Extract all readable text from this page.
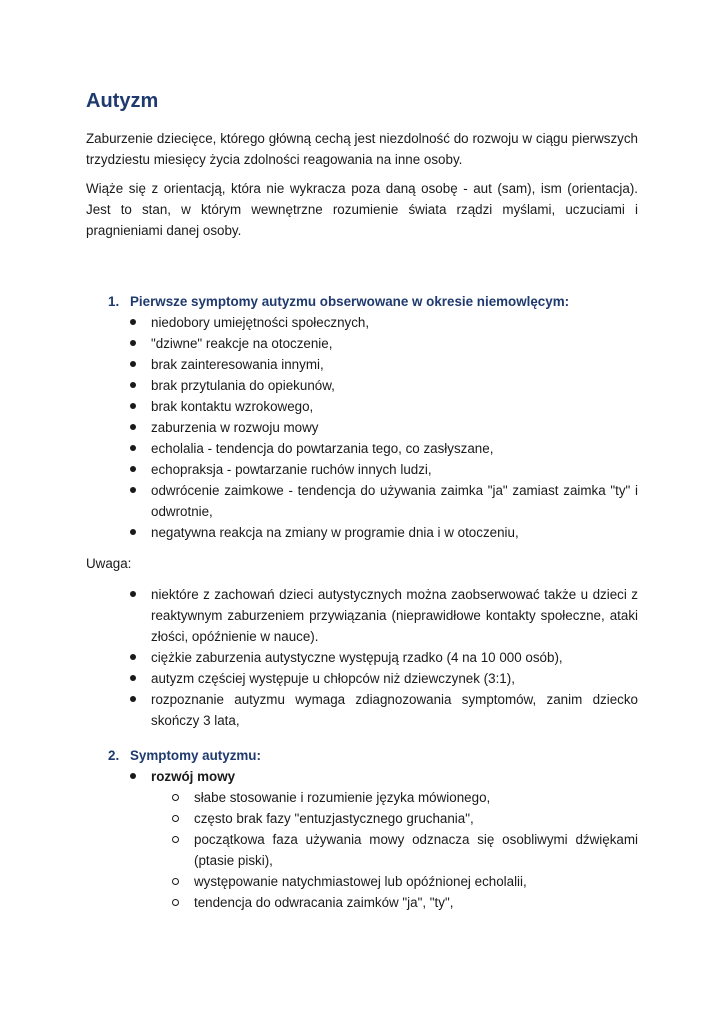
Autyzm

Zaburzenie dziecięce, którego główną cechą jest niezdolność do rozwoju w ciągu pierwszych trzydziestu miesięcy życia zdolności reagowania na inne osoby.

Wiąże się z orientacją, która nie wykracza poza daną osobę - aut (sam), ism (orientacja). Jest to stan, w którym wewnętrzne rozumienie świata rządzi myślami, uczuciami i pragnieniami danej osoby.

1. Pierwsze symptomy autyzmu obserwowane w okresie niemowlęcym:
niedobory umiejętności społecznych,
"dziwne" reakcje na otoczenie,
brak zainteresowania innymi,
brak przytulania do opiekunów,
brak kontaktu wzrokowego,
zaburzenia w rozwoju mowy
echolalia - tendencja do powtarzania tego, co zasłyszane,
echopraksja - powtarzanie ruchów innych ludzi,
odwrócenie zaimkowe - tendencja do używania zaimka "ja" zamiast zaimka "ty" i odwrotnie,
negatywna reakcja na zmiany w programie dnia i w otoczeniu,
Uwaga:
niektóre z zachowań dzieci autystycznych można zaobserwować także u dzieci z reaktywnym zaburzeniem przywiązania (nieprawidłowe kontakty społeczne, ataki złości, opóźnienie w nauce).
ciężkie zaburzenia autystyczne występują rzadko (4 na 10 000 osób),
autyzm częściej występuje u chłopców niż dziewczynek (3:1),
rozpoznanie autyzmu wymaga zdiagnozowania symptomów, zanim dziecko skończy 3 lata,
2. Symptomy autyzmu:
rozwój mowy
słabe stosowanie i rozumienie języka mówionego,
często brak fazy "entuzjastycznego gruchania",
początkowa faza używania mowy odznacza się osobliwymi dźwiękami (ptasie piski),
występowanie natychmiastowej lub opóźnionej echolalii,
tendencja do odwracania zaimków "ja", "ty",
